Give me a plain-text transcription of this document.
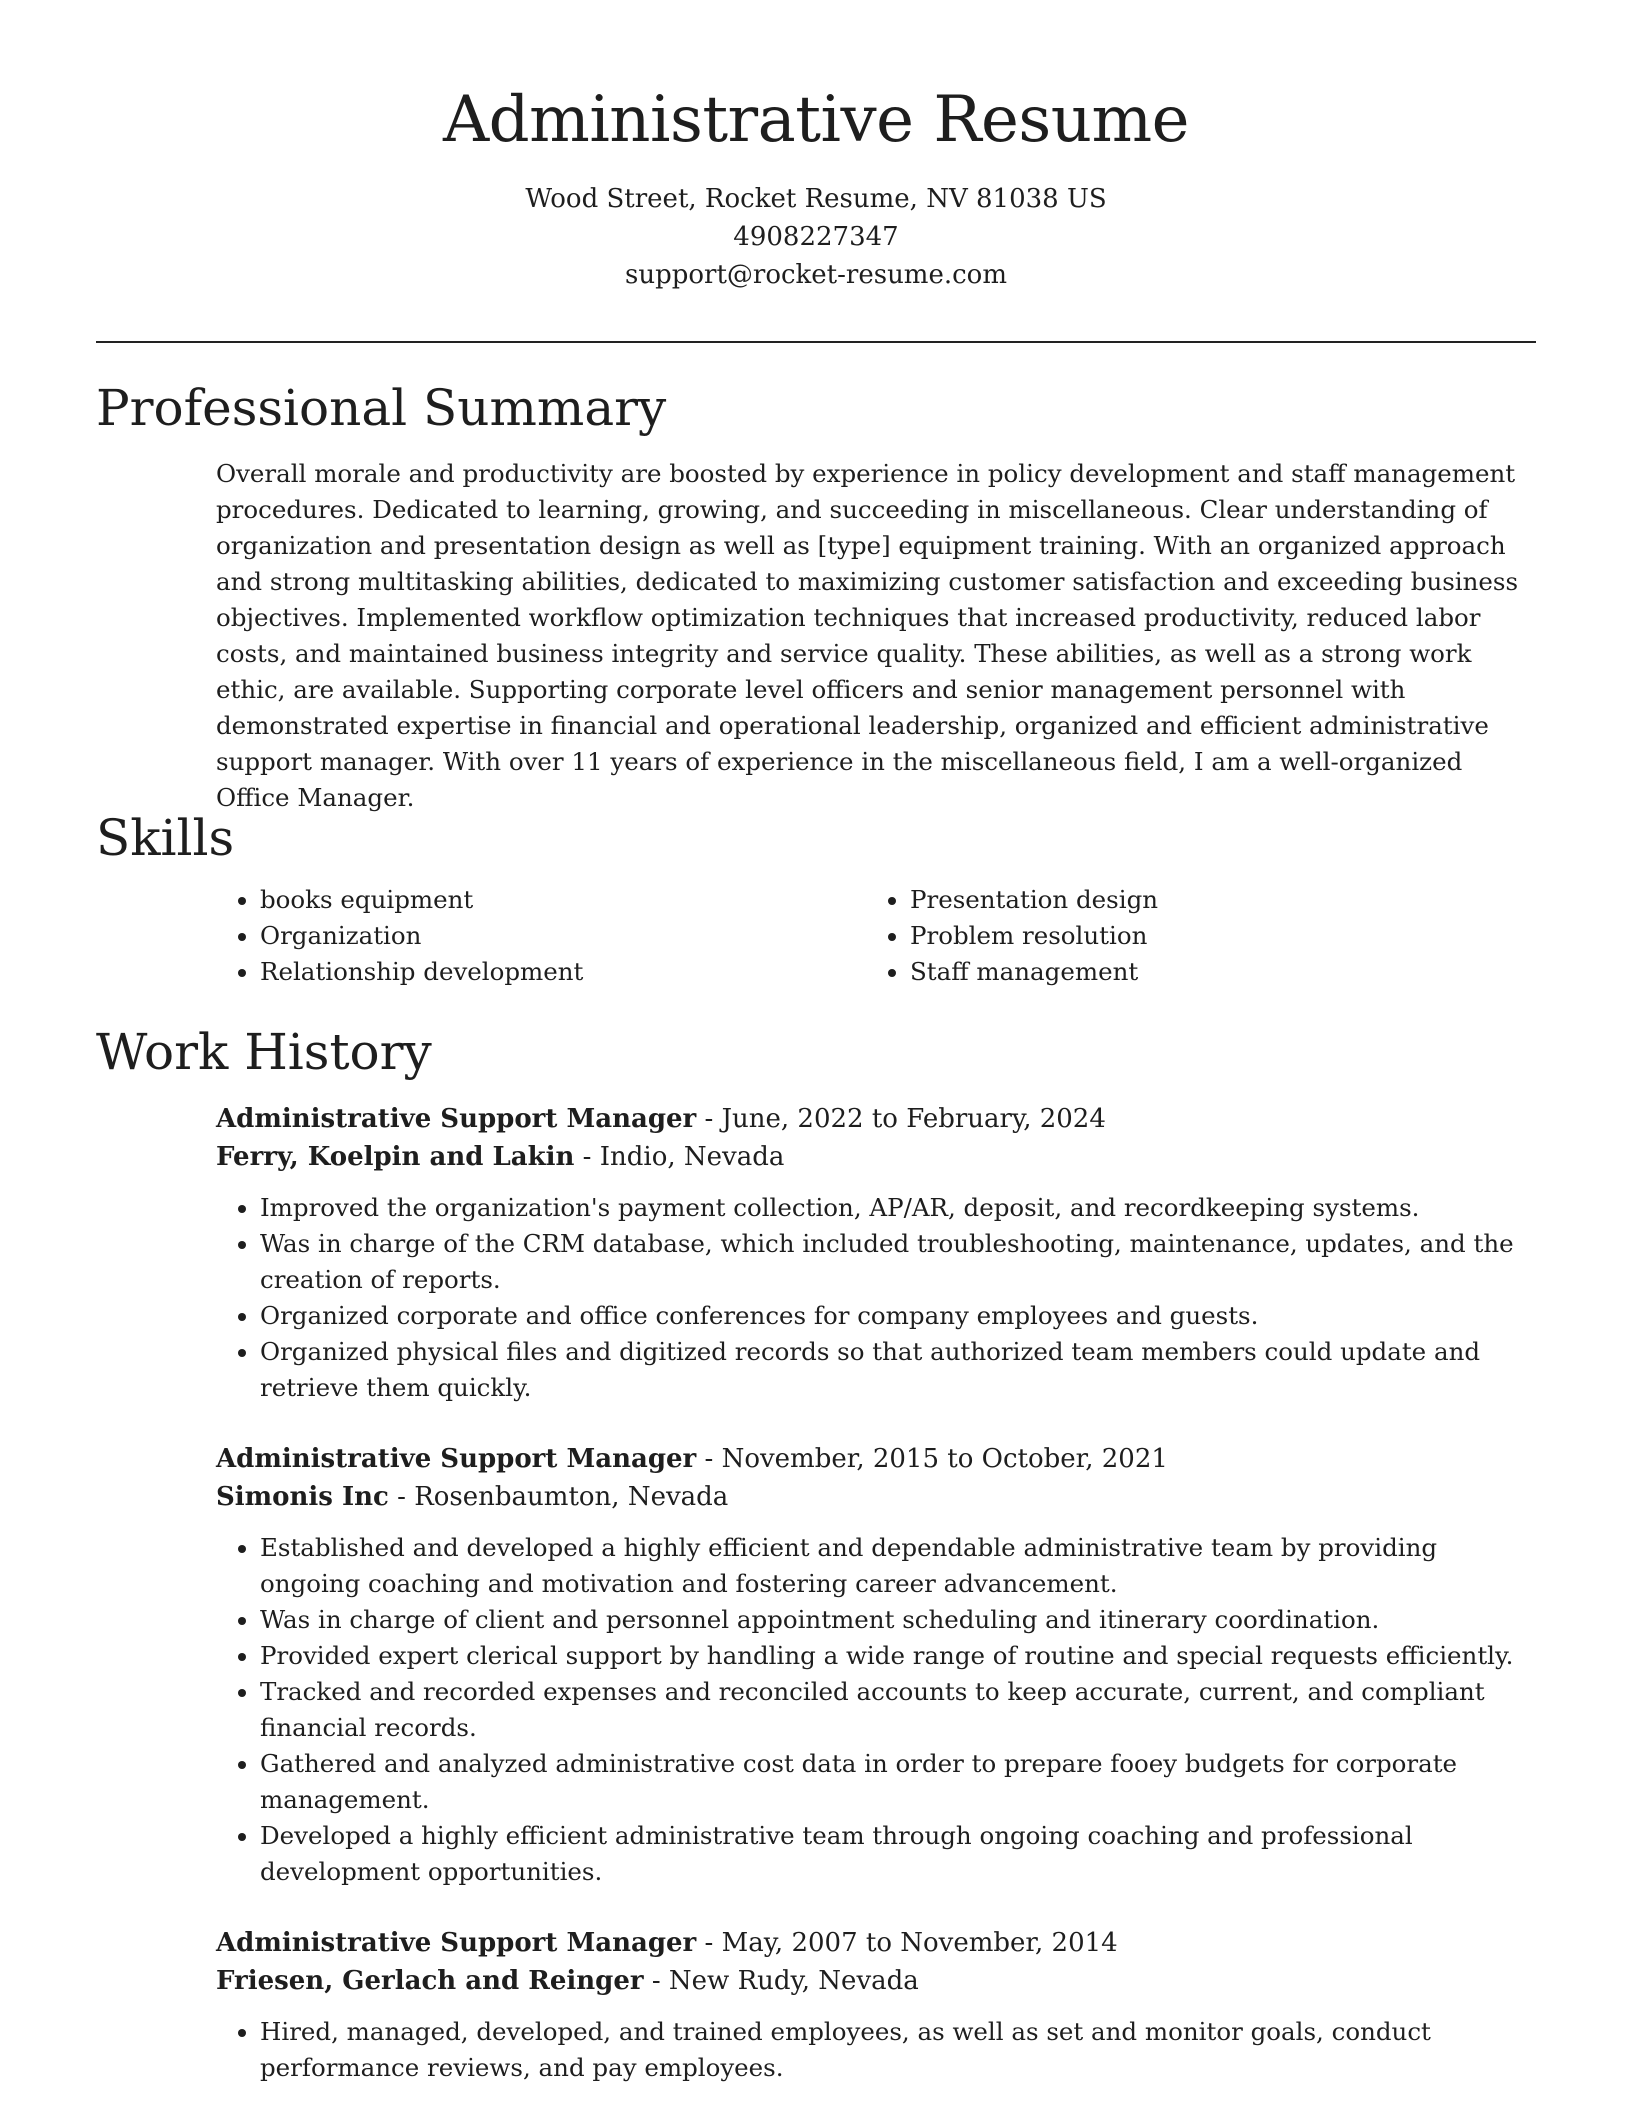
Administrative Resume
Wood Street, Rocket Resume, NV 81038 US
4908227347
support@rocket-resume.com
Professional Summary

Overall morale and productivity are boosted by experience in policy development and staff management procedures. Dedicated to learning, growing, and succeeding in miscellaneous. Clear understanding of organization and presentation design as well as [type] equipment training. With an organized approach and strong multitasking abilities, dedicated to maximizing customer satisfaction and exceeding business objectives. Implemented workflow optimization techniques that increased productivity, reduced labor costs, and maintained business integrity and service quality. These abilities, as well as a strong work ethic, are available. Supporting corporate level officers and senior management personnel with demonstrated expertise in financial and operational leadership, organized and efficient administrative support manager. With over 11 years of experience in the miscellaneous field, I am a well-organized Office Manager.

Skills
• books equipment
• Organization
• Relationship development
• Presentation design
• Problem resolution
• Staff management
Work History

Administrative Support Manager - June, 2022 to February, 2024

Ferry, Koelpin and Lakin - Indio, Nevada

• Improved the organization's payment collection, AP/AR, deposit, and recordkeeping systems.
• Was in charge of the CRM database, which included troubleshooting, maintenance, updates, and the creation of reports.
• Organized corporate and office conferences for company employees and guests.
• Organized physical files and digitized records so that authorized team members could update and retrieve them quickly.

Administrative Support Manager - November, 2015 to October, 2021

Simonis Inc - Rosenbaumton, Nevada

• Established and developed a highly efficient and dependable administrative team by providing ongoing coaching and motivation and fostering career advancement.
• Was in charge of client and personnel appointment scheduling and itinerary coordination.
• Provided expert clerical support by handling a wide range of routine and special requests efficiently.
• Tracked and recorded expenses and reconciled accounts to keep accurate, current, and compliant financial records.
• Gathered and analyzed administrative cost data in order to prepare fooey budgets for corporate management.
• Developed a highly efficient administrative team through ongoing coaching and professional development opportunities.

Administrative Support Manager - May, 2007 to November, 2014

Friesen, Gerlach and Reinger - New Rudy, Nevada

• Hired, managed, developed, and trained employees, as well as set and monitor goals, conduct performance reviews, and pay employees.
